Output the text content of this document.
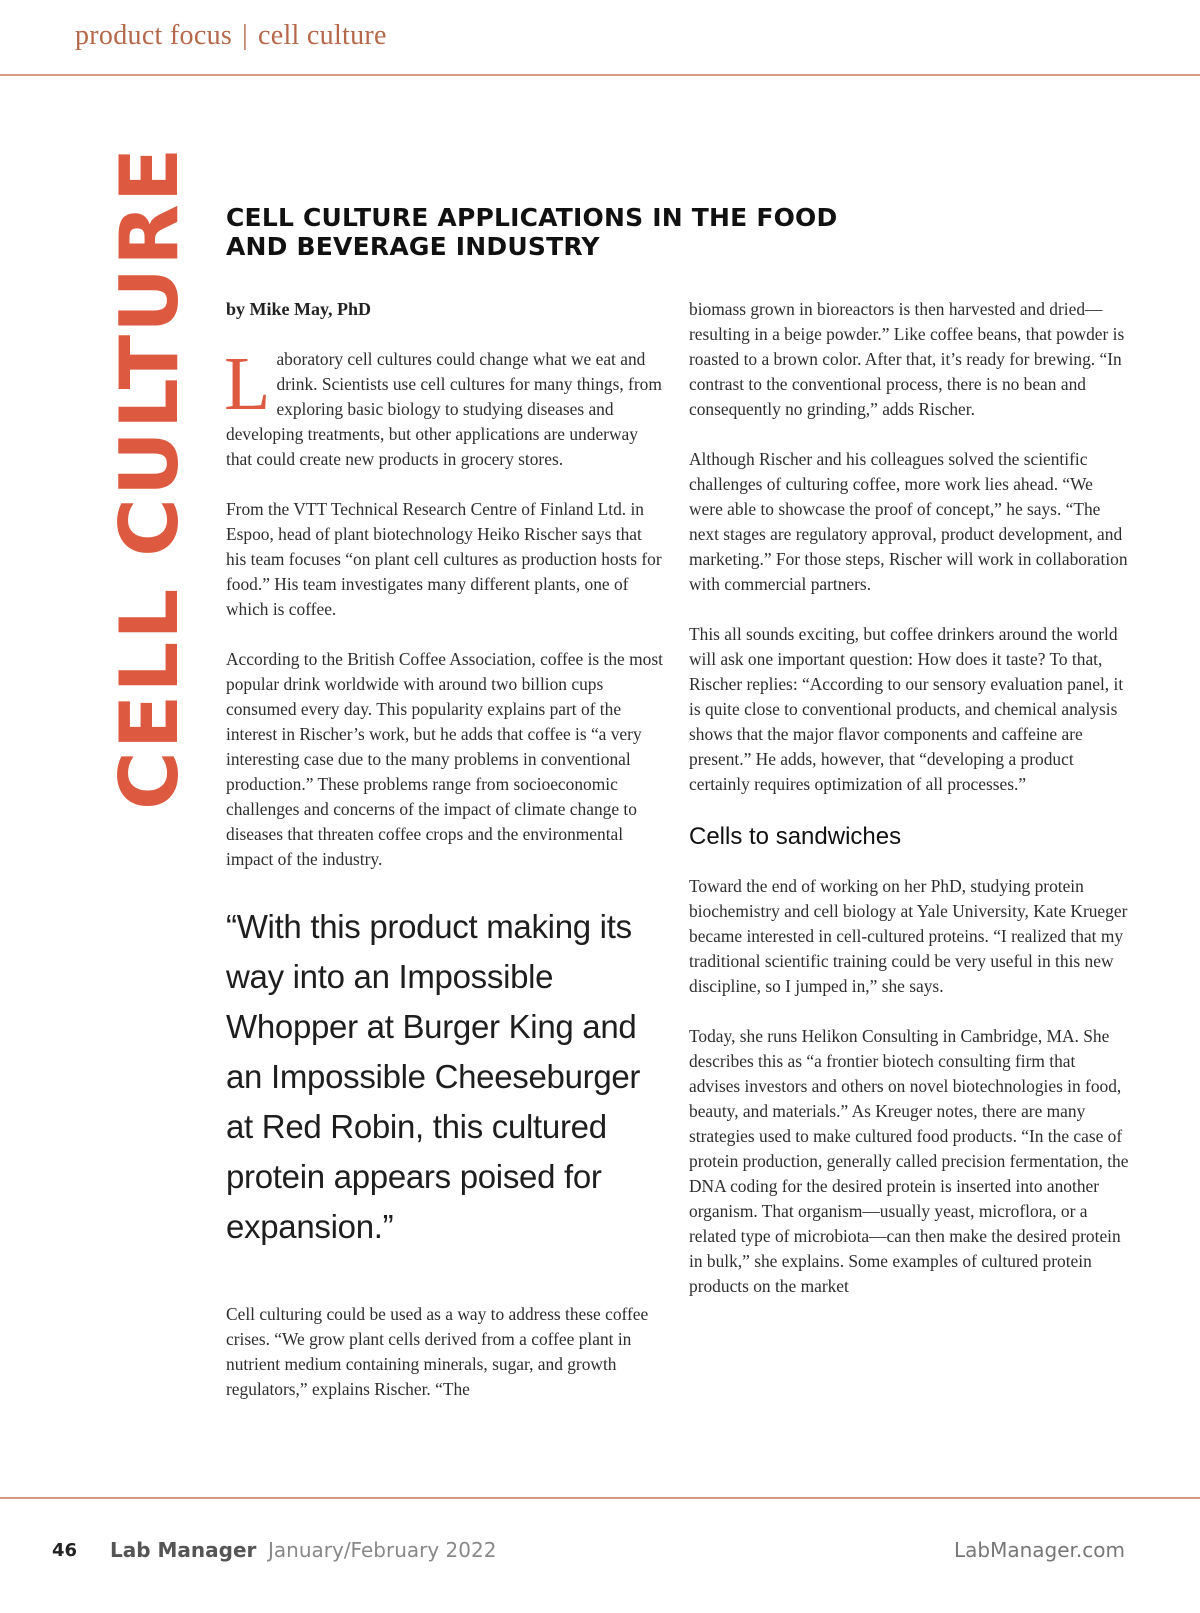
product focus | cell culture
CELL CULTURE CELL CULTURE APPLICATIONS IN THE FOOD AND BEVERAGE INDUSTRY

by Mike May, PhD

Laboratory cell cultures could change what we eat and drink. Scientists use cell cultures for many things, from exploring basic biology to studying diseases and developing treatments, but other applications are underway that could create new products in grocery stores.

From the VTT Technical Research Centre of Finland Ltd. in Espoo, head of plant biotechnology Heiko Rischer says that his team focuses “on plant cell cultures as production hosts for food.” His team investigates many different plants, one of which is coffee.

According to the British Coffee Association, coffee is the most popular drink worldwide with around two billion cups consumed every day. This popularity explains part of the interest in Rischer’s work, but he adds that coffee is “a very interesting case due to the many problems in conventional production.” These problems range from socioeconomic challenges and concerns of the impact of climate change to diseases that threaten coffee crops and the environmental impact of the industry.

“With this product making its way into an Impossible Whopper at Burger King and an Impossible Cheeseburger at Red Robin, this cultured protein appears poised for expansion.”

Cell culturing could be used as a way to address these coffee crises. “We grow plant cells derived from a coffee plant in nutrient medium containing minerals, sugar, and growth regulators,” explains Rischer. “The

biomass grown in bioreactors is then harvested and dried—resulting in a beige powder.” Like coffee beans, that powder is roasted to a brown color. After that, it’s ready for brewing. “In contrast to the conventional process, there is no bean and consequently no grinding,” adds Rischer.

Although Rischer and his colleagues solved the scientific challenges of culturing coffee, more work lies ahead. “We were able to showcase the proof of concept,” he says. “The next stages are regulatory approval, product development, and marketing.” For those steps, Rischer will work in collaboration with commercial partners.

This all sounds exciting, but coffee drinkers around the world will ask one important question: How does it taste? To that, Rischer replies: “According to our sensory evaluation panel, it is quite close to conventional products, and chemical analysis shows that the major flavor components and caffeine are present.” He adds, however, that “developing a product certainly requires optimization of all processes.”

Cells to sandwiches

Toward the end of working on her PhD, studying protein biochemistry and cell biology at Yale University, Kate Krueger became interested in cell-cultured proteins. “I realized that my traditional scientific training could be very useful in this new discipline, so I jumped in,” she says.

Today, she runs Helikon Consulting in Cambridge, MA. She describes this as “a frontier biotech consulting firm that advises investors and others on novel biotechnologies in food, beauty, and materials.” As Kreuger notes, there are many strategies used to make cultured food products. “In the case of protein production, generally called precision fermentation, the DNA coding for the desired protein is inserted into another organism. That organism—usually yeast, microflora, or a related type of microbiota—can then make the desired protein in bulk,” she explains. Some examples of cultured protein products on the market

46 Lab Manager January/February 2022	LabManager.com
